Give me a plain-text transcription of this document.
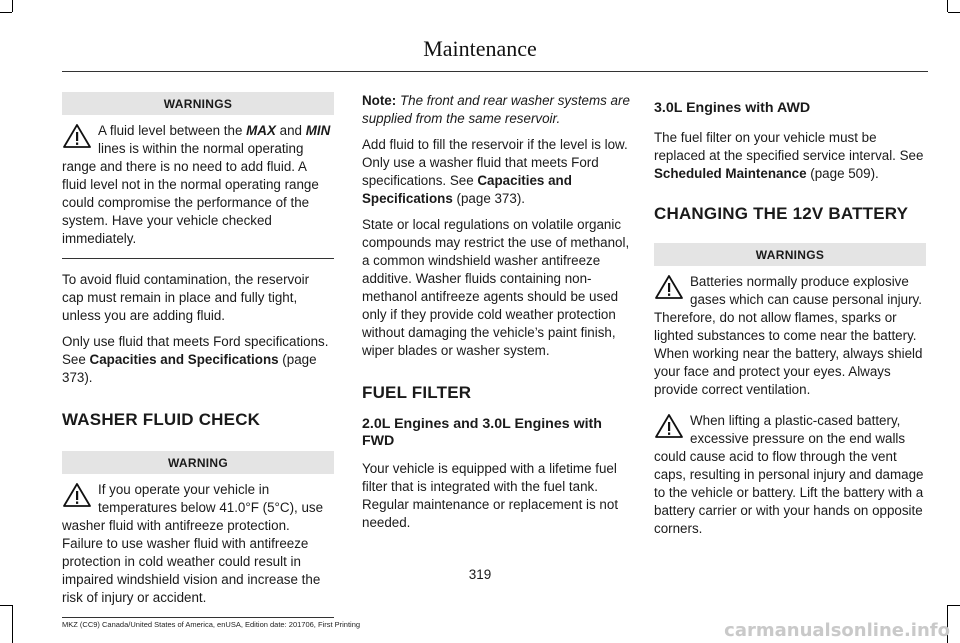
Maintenance
WARNINGS
A fluid level between the MAX and MIN lines is within the normal operating range and there is no need to add fluid. A fluid level not in the normal operating range could compromise the performance of the system. Have your vehicle checked immediately.

To avoid fluid contamination, the reservoir cap must remain in place and fully tight, unless you are adding fluid.

Only use fluid that meets Ford specifications. See Capacities and Specifications (page 373).

WASHER FLUID CHECK
WARNING
If you operate your vehicle in temperatures below 41.0°F (5°C), use washer fluid with antifreeze protection. Failure to use washer fluid with antifreeze protection in cold weather could result in impaired windshield vision and increase the risk of injury or accident.

Note: The front and rear washer systems are supplied from the same reservoir.

Add fluid to fill the reservoir if the level is low. Only use a washer fluid that meets Ford specifications. See Capacities and Specifications (page 373).

State or local regulations on volatile organic compounds may restrict the use of methanol, a common windshield washer antifreeze additive. Washer fluids containing non-methanol antifreeze agents should be used only if they provide cold weather protection without damaging the vehicle’s paint finish, wiper blades or washer system.

FUEL FILTER
2.0L Engines and 3.0L Engines with FWD

Your vehicle is equipped with a lifetime fuel filter that is integrated with the fuel tank. Regular maintenance or replacement is not needed.

3.0L Engines with AWD

The fuel filter on your vehicle must be replaced at the specified service interval. See Scheduled Maintenance (page 509).

CHANGING THE 12V BATTERY
WARNINGS
Batteries normally produce explosive gases which can cause personal injury. Therefore, do not allow flames, sparks or lighted substances to come near the battery. When working near the battery, always shield your face and protect your eyes. Always provide correct ventilation.
When lifting a plastic-cased battery, excessive pressure on the end walls could cause acid to flow through the vent caps, resulting in personal injury and damage to the vehicle or battery. Lift the battery with a battery carrier or with your hands on opposite corners.
319
MKZ (CC9) Canada/United States of America, enUSA, Edition date: 201706, First Printing	carmanualsonline.info
